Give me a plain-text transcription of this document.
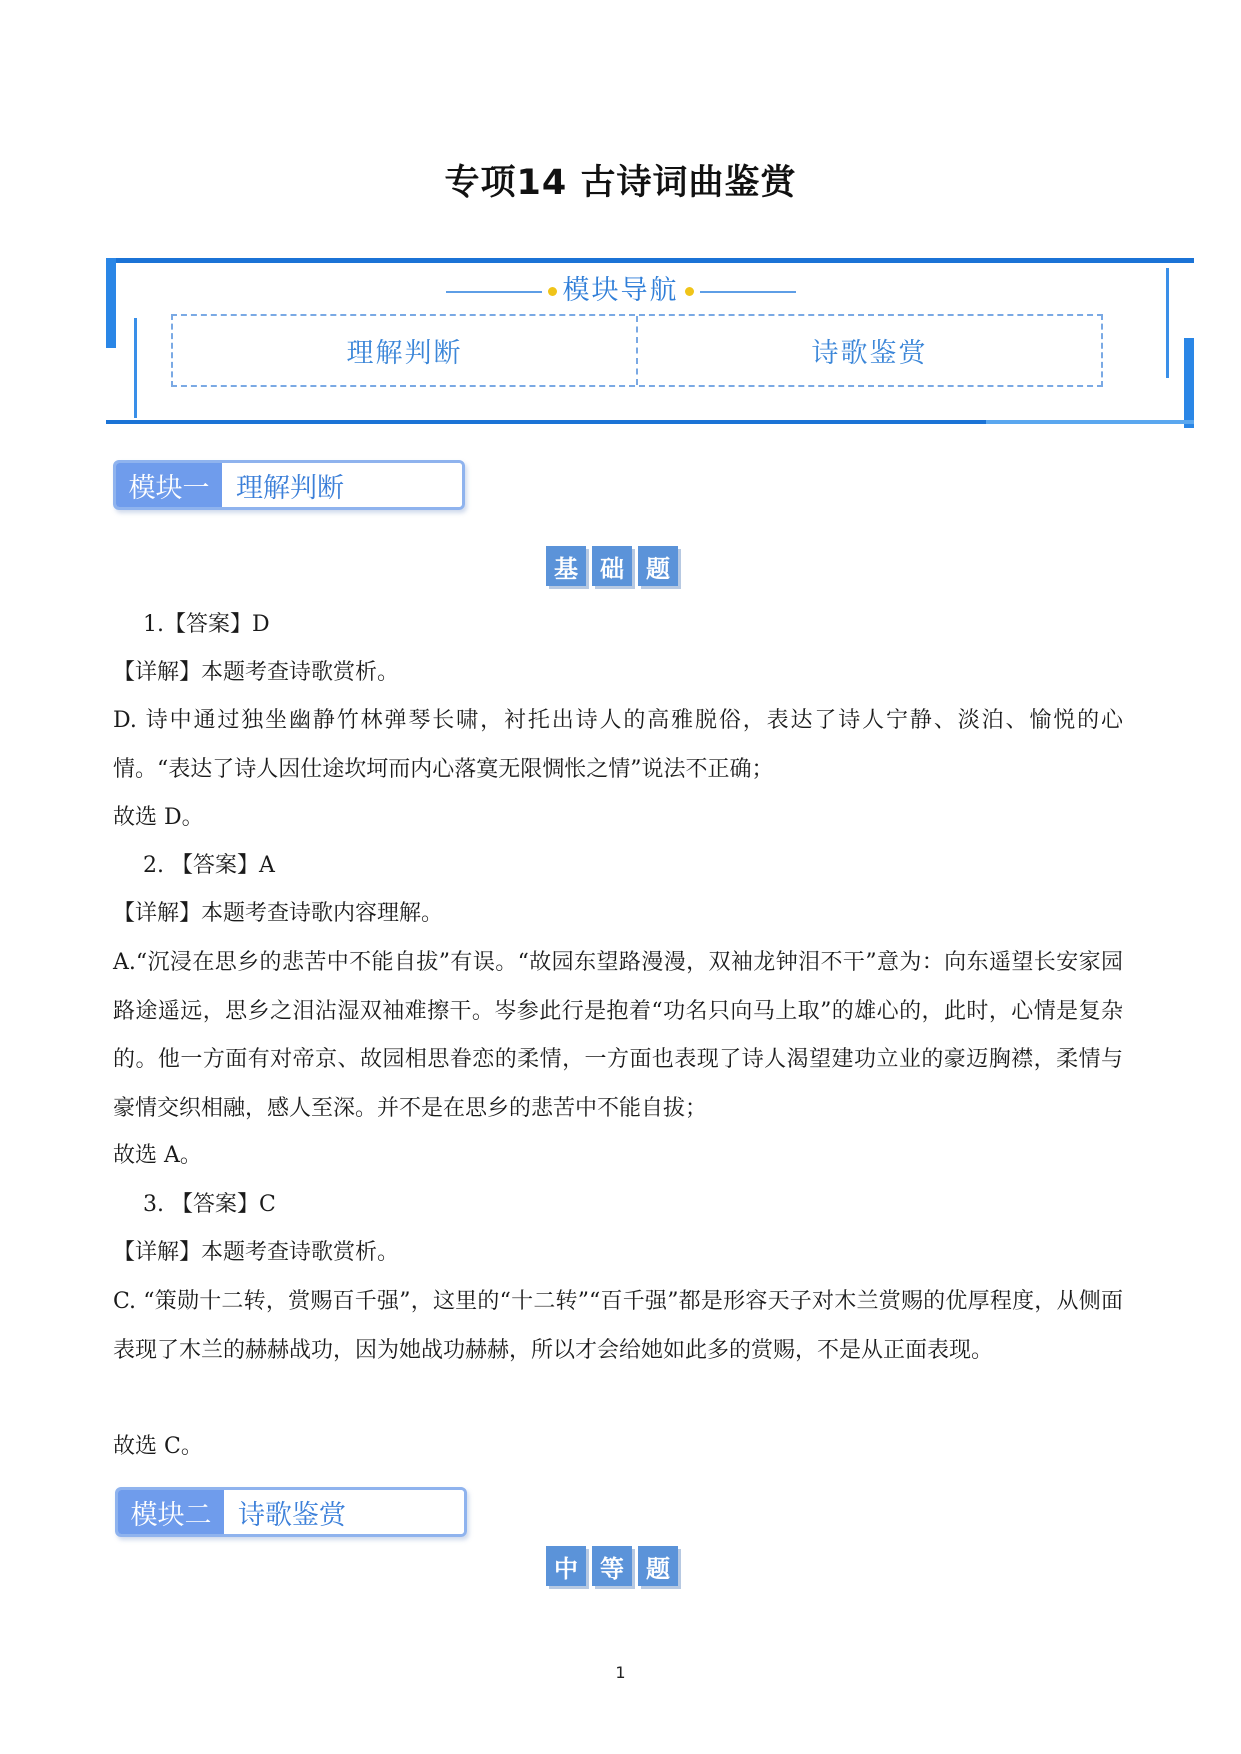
专项14 古诗词曲鉴赏
模块导航
理解判断	诗歌鉴赏
模块一 理解判断
基 础 题
1.【答案】D
【详解】本题考查诗歌赏析。
D. 诗中通过独坐幽静竹林弹琴长啸，衬托出诗人的高雅脱俗，表达了诗人宁静、淡泊、愉悦的心情。“表达了诗人因仕途坎坷而内心落寞无限惆怅之情”说法不正确；
故选 D。
2. 【答案】A
【详解】本题考查诗歌内容理解。
A.“沉浸在思乡的悲苦中不能自拔”有误。“故园东望路漫漫，双袖龙钟泪不干”意为：向东遥望长安家园路途遥远，思乡之泪沾湿双袖难擦干。岑参此行是抱着“功名只向马上取”的雄心的，此时，心情是复杂的。他一方面有对帝京、故园相思眷恋的柔情，一方面也表现了诗人渴望建功立业的豪迈胸襟，柔情与豪情交织相融，感人至深。并不是在思乡的悲苦中不能自拔；
故选 A。
3. 【答案】C
【详解】本题考查诗歌赏析。
C. “策勋十二转，赏赐百千强”，这里的“十二转”“百千强”都是形容天子对木兰赏赐的优厚程度，从侧面表现了木兰的赫赫战功，因为她战功赫赫，所以才会给她如此多的赏赐，不是从正面表现。
故选 C。
模块二 诗歌鉴赏
中 等 题
1
